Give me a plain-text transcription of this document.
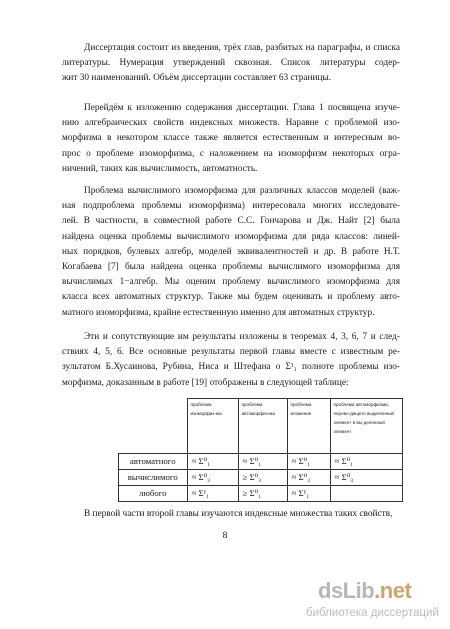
Диссертация состоит из введения, трёх глав, разбитых на параграфы, и списка
литературы. Нумерация утверждений сквозная. Список литературы содер-
жит 30 наименований. Объём диссертации составляет 63 страницы.

Перейдём к изложению содержания диссертации. Глава 1 посвящена изуче-
нию алгебраических свойств индексных множеств. Наравне с проблемой изо-
морфизма в некотором классе также является естественным и интересным во-
прос о проблеме изоморфизма, с наложением на изоморфизм некоторых огра-
ничений, таких как вычислимость, автоматность.

Проблема вычислимого изоморфизма для различных классов моделей (важ-
ная подпроблема проблемы изоморфизма) интересовала многих исследовате-
лей. В частности, в совместной работе С.С. Гончарова и Дж. Найт [2] была
найдена оценка проблемы вычислимого изоморфизма для ряда классов: линей-
ных порядков, булевых алгебр, моделей эквивалентностей и др. В работе Н.Т.
Когабаева [7] была найдена оценка проблемы вычислимого изоморфизма для
вычислимых 1−алгебр. Мы оценим проблему вычислимого изоморфизма для
класса всех автоматных структур. Также мы будем оценивать и проблему авто-
матного изоморфизма, крайне естественную именно для автоматных структур.

Эти и сопутствующие им результаты изложены в теоремах 4, 3, 6, 7 и след-
ствиях 4, 5, 6. Все основные результаты первой главы вместе с известным ре-
зультатом Б.Хусаинова, Рубина, Ниса и Штефана о Σ¹₁ полноте проблемы изо-
морфизма, доказанным в работе [19] отображены в следующей таблице:

	проблема изоморфиз-ма	проблема автоморфиз-ма	проблема вложения	проблема автоморфизма, перево-дящего выделенный элемент в вы-деленный элемент
автоматного	≈ Σ⁰₁	≈ Σ⁰₁	≈ Σ⁰₁	≈ Σ⁰₁
вычислимого	≈ Σ⁰₃	≥ Σ⁰₃	≈ Σ⁰₃	≈ Σ⁰₃
любого	≈ Σ¹₁	≥ Σ⁰₁	≈ Σ¹₁	

В первой части второй главы изучаются индексные множества таких свойств,

8
dsLib.net
библиотека диссертаций
